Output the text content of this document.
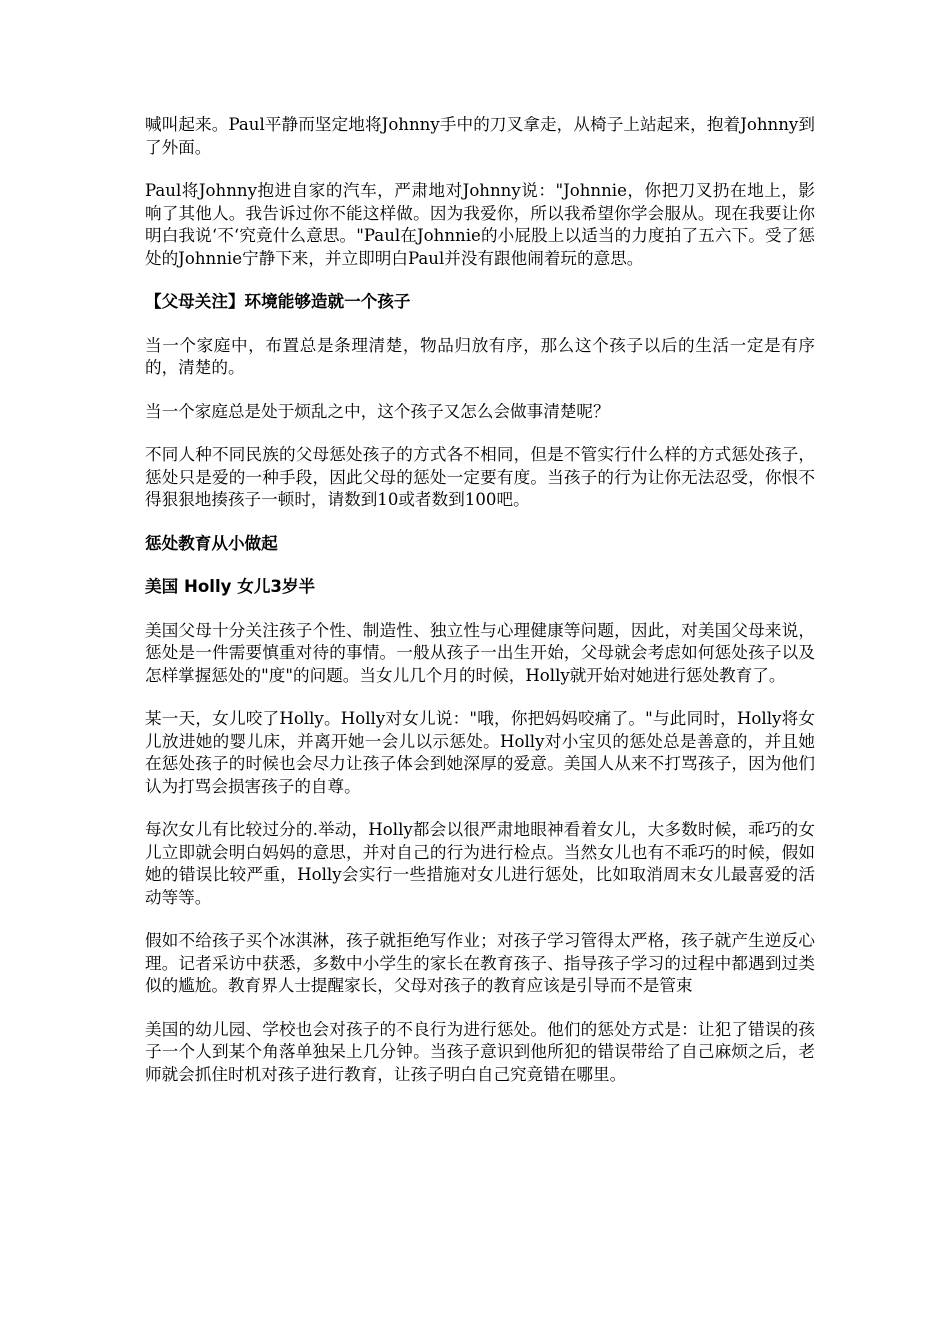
喊叫起来。Paul平静而坚定地将Johnny手中的刀叉拿走，从椅子上站起来，抱着Johnny到了外面。

Paul将Johnny抱进自家的汽车，严肃地对Johnny说："Johnnie，你把刀叉扔在地上，影响了其他人。我告诉过你不能这样做。因为我爱你，所以我希望你学会服从。现在我要让你明白我说‘不‘究竟什么意思。"Paul在Johnnie的小屁股上以适当的力度拍了五六下。受了惩处的Johnnie宁静下来，并立即明白Paul并没有跟他闹着玩的意思。

【父母关注】环境能够造就一个孩子

当一个家庭中，布置总是条理清楚，物品归放有序，那么这个孩子以后的生活一定是有序的，清楚的。

当一个家庭总是处于烦乱之中，这个孩子又怎么会做事清楚呢？

不同人种不同民族的父母惩处孩子的方式各不相同，但是不管实行什么样的方式惩处孩子，惩处只是爱的一种手段，因此父母的惩处一定要有度。当孩子的行为让你无法忍受，你恨不得狠狠地揍孩子一顿时，请数到10或者数到100吧。

惩处教育从小做起

美国 Holly 女儿3岁半

美国父母十分关注孩子个性、制造性、独立性与心理健康等问题，因此，对美国父母来说，惩处是一件需要慎重对待的事情。一般从孩子一出生开始，父母就会考虑如何惩处孩子以及怎样掌握惩处的"度"的问题。当女儿几个月的时候，Holly就开始对她进行惩处教育了。

某一天，女儿咬了Holly。Holly对女儿说："哦，你把妈妈咬痛了。"与此同时，Holly将女儿放进她的婴儿床，并离开她一会儿以示惩处。Holly对小宝贝的惩处总是善意的，并且她在惩处孩子的时候也会尽力让孩子体会到她深厚的爱意。美国人从来不打骂孩子，因为他们认为打骂会损害孩子的自尊。

每次女儿有比较过分的.举动，Holly都会以很严肃地眼神看着女儿，大多数时候，乖巧的女儿立即就会明白妈妈的意思，并对自己的行为进行检点。当然女儿也有不乖巧的时候，假如她的错误比较严重，Holly会实行一些措施对女儿进行惩处，比如取消周末女儿最喜爱的活动等等。

假如不给孩子买个冰淇淋，孩子就拒绝写作业；对孩子学习管得太严格，孩子就产生逆反心理。记者采访中获悉，多数中小学生的家长在教育孩子、指导孩子学习的过程中都遇到过类似的尴尬。教育界人士提醒家长，父母对孩子的教育应该是引导而不是管束

美国的幼儿园、学校也会对孩子的不良行为进行惩处。他们的惩处方式是：让犯了错误的孩子一个人到某个角落单独呆上几分钟。当孩子意识到他所犯的错误带给了自己麻烦之后，老师就会抓住时机对孩子进行教育，让孩子明白自己究竟错在哪里。
